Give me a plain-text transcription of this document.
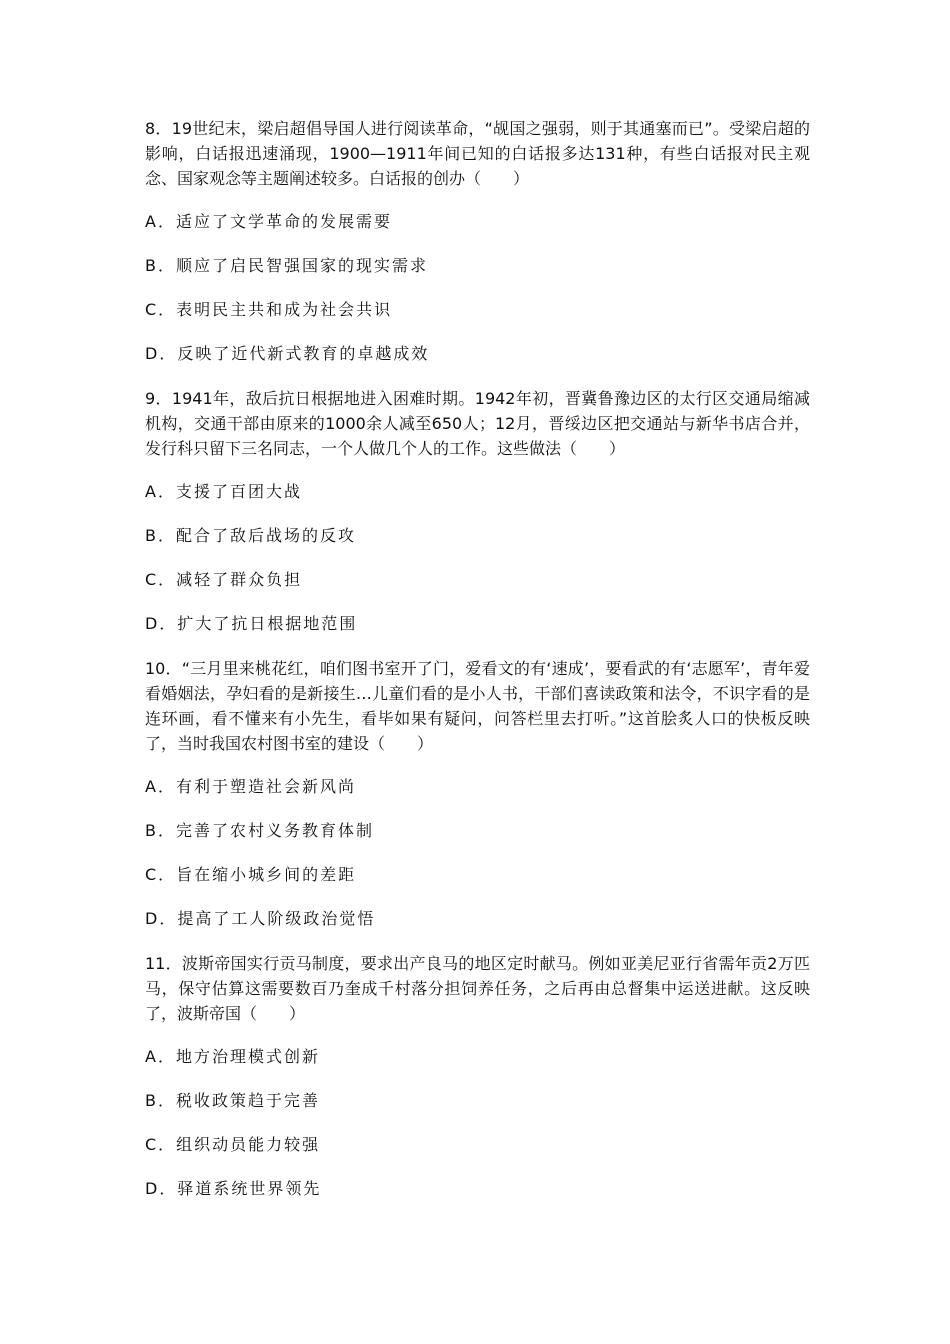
8．19世纪末，梁启超倡导国人进行阅读革命，“觇国之强弱，则于其通塞而已”。受梁启超的影响，白话报迅速涌现，1900—1911年间已知的白话报多达131种，有些白话报对民主观念、国家观念等主题阐述较多。白话报的创办（　　）

A．适应了文学革命的发展需要
B．顺应了启民智强国家的现实需求
C．表明民主共和成为社会共识
D．反映了近代新式教育的卓越成效

9．1941年，敌后抗日根据地进入困难时期。1942年初，晋冀鲁豫边区的太行区交通局缩减机构，交通干部由原来的1000余人减至650人；12月，晋绥边区把交通站与新华书店合并，发行科只留下三名同志，一个人做几个人的工作。这些做法（　　）

A．支援了百团大战
B．配合了敌后战场的反攻
C．减轻了群众负担
D．扩大了抗日根据地范围

10．“三月里来桃花红，咱们图书室开了门，爱看文的有‘速成’，要看武的有‘志愿军’，青年爱看婚姻法，孕妇看的是新接生…儿童们看的是小人书，干部们喜读政策和法令，不识字看的是连环画，看不懂来有小先生，看毕如果有疑问，问答栏里去打听。”这首脍炙人口的快板反映了，当时我国农村图书室的建设（　　）

A．有利于塑造社会新风尚
B．完善了农村义务教育体制
C．旨在缩小城乡间的差距
D．提高了工人阶级政治觉悟

11．波斯帝国实行贡马制度，要求出产良马的地区定时献马。例如亚美尼亚行省需年贡2万匹马，保守估算这需要数百乃奎成千村落分担饲养任务，之后再由总督集中运送进献。这反映了，波斯帝国（　　）

A．地方治理模式创新
B．税收政策趋于完善
C．组织动员能力较强
D．驿道系统世界领先
